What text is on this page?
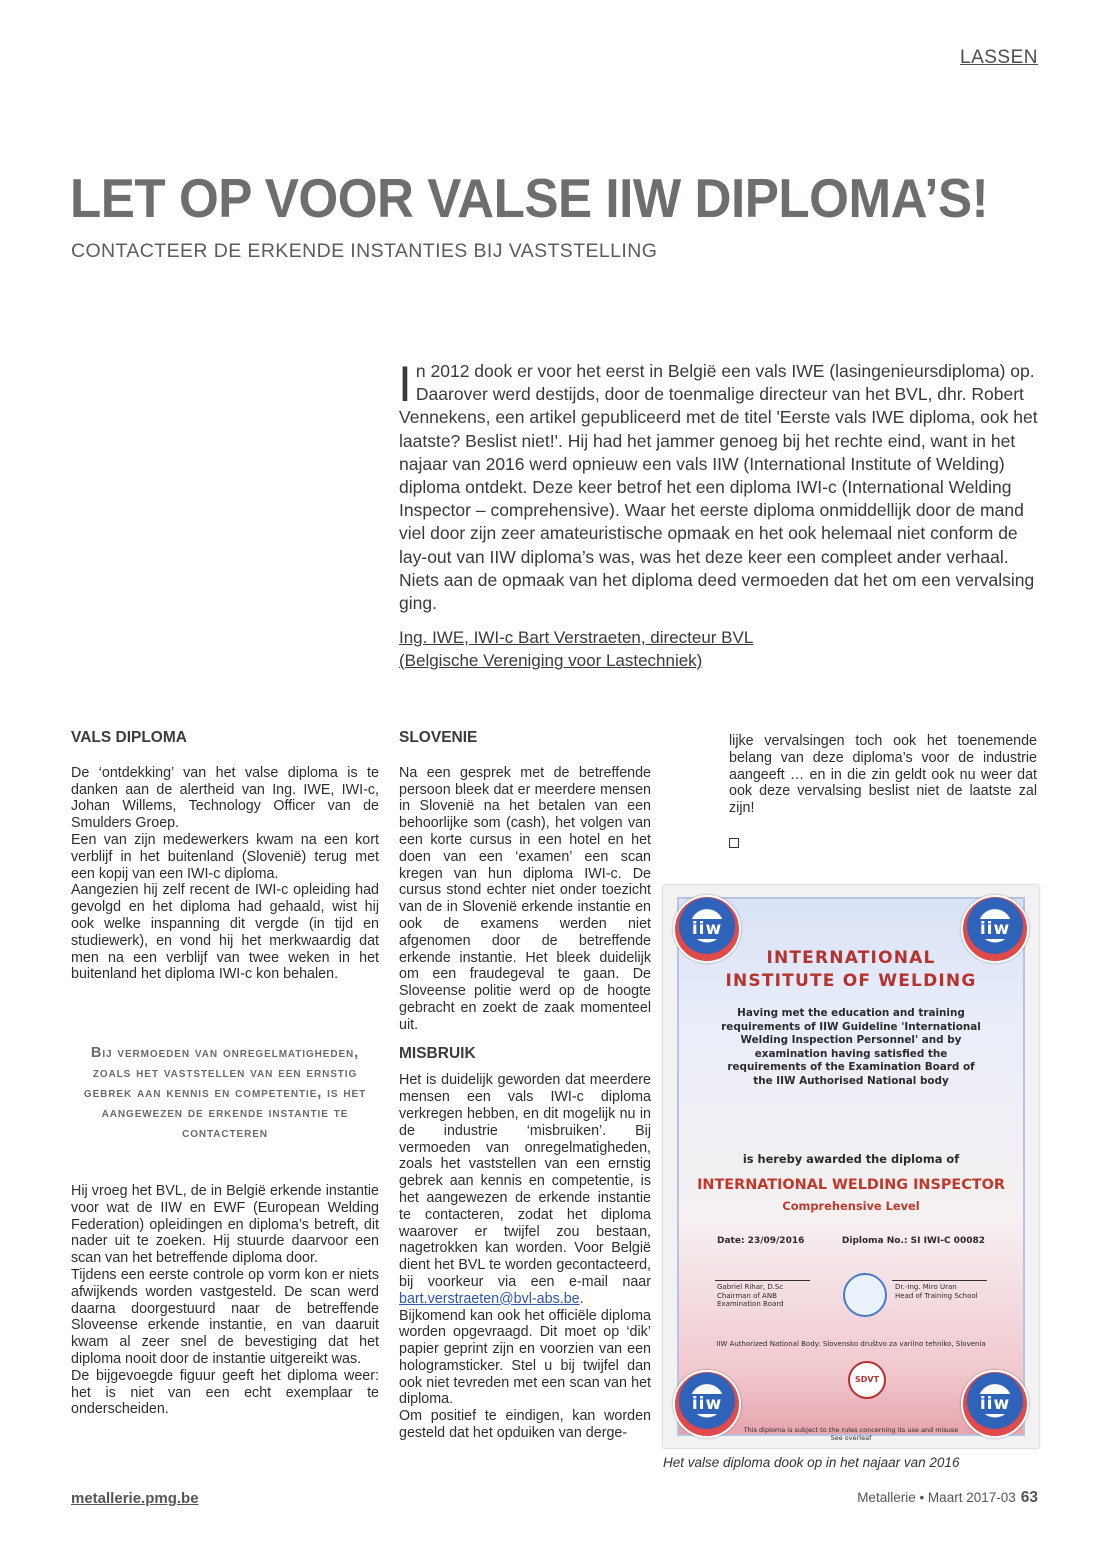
LASSEN
LET OP VOOR VALSE IIW DIPLOMA’S!
CONTACTEER DE ERKENDE INSTANTIES BIJ VASTSTELLING
In 2012 dook er voor het eerst in België een vals IWE (lasingenieursdiploma) op. Daarover werd destijds, door de toenmalige directeur van het BVL, dhr. Robert Vennekens, een artikel gepubliceerd met de titel 'Eerste vals IWE diploma, ook het laatste? Beslist niet!'. Hij had het jammer genoeg bij het rechte eind, want in het najaar van 2016 werd opnieuw een vals IIW (International Institute of Welding) diploma ontdekt. Deze keer betrof het een diploma IWI-c (International Welding Inspector – comprehensive). Waar het eerste diploma onmiddellijk door de mand viel door zijn zeer amateuristische opmaak en het ook helemaal niet conform de lay-out van IIW diploma’s was, was het deze keer een compleet ander verhaal. Niets aan de opmaak van het diploma deed vermoeden dat het om een vervalsing ging.
Ing. IWE, IWI-c Bart Verstraeten, directeur BVL
(Belgische Vereniging voor Lastechniek)
VALS DIPLOMA

De ‘ontdekking’ van het valse diploma is te danken aan de alertheid van Ing. IWE, IWI-c, Johan Willems, Technology Officer van de Smulders Groep.

Een van zijn medewerkers kwam na een kort verblijf in het buitenland (Slovenië) terug met een kopij van een IWI-c diploma.

Aangezien hij zelf recent de IWI-c opleiding had gevolgd en het diploma had gehaald, wist hij ook welke inspanning dit vergde (in tijd en studiewerk), en vond hij het merkwaardig dat men na een verblijf van twee weken in het buitenland het diploma IWI-c kon behalen.

Bij vermoeden van onregelmatigheden, zoals het vaststellen van een ernstig gebrek aan kennis en competentie, is het aangewezen de erkende instantie te contacteren

Hij vroeg het BVL, de in België erkende instantie voor wat de IIW en EWF (European Welding Federation) opleidingen en diploma’s betreft, dit nader uit te zoeken. Hij stuurde daarvoor een scan van het betreffende diploma door.

Tijdens een eerste controle op vorm kon er niets afwijkends worden vastgesteld. De scan werd daarna doorgestuurd naar de betreffende Sloveense erkende instantie, en van daaruit kwam al zeer snel de bevestiging dat het diploma nooit door de instantie uitgereikt was.

De bijgevoegde figuur geeft het diploma weer: het is niet van een echt exemplaar te onderscheiden.

SLOVENIE

Na een gesprek met de betreffende persoon bleek dat er meerdere mensen in Slovenië na het betalen van een behoorlijke som (cash), het volgen van een korte cursus in een hotel en het doen van een ‘examen’ een scan kregen van hun diploma IWI-c. De cursus stond echter niet onder toezicht van de in Slovenië erkende instantie en ook de examens werden niet afgenomen door de betreffende erkende instantie. Het bleek duidelijk om een fraudegeval te gaan. De Sloveense politie werd op de hoogte gebracht en zoekt de zaak momenteel uit.

MISBRUIK

Het is duidelijk geworden dat meerdere mensen een vals IWI-c diploma verkregen hebben, en dit mogelijk nu in de industrie ‘misbruiken’. Bij vermoeden van onregelmatigheden, zoals het vaststellen van een ernstig gebrek aan kennis en competentie, is het aangewezen de erkende instantie te contacteren, zodat het diploma waarover er twijfel zou bestaan, nagetrokken kan worden. Voor België dient het BVL te worden gecontacteerd, bij voorkeur via een e-mail naar bart.verstraeten@bvl-abs.be.

Bijkomend kan ook het officiële diploma worden opgevraagd. Dit moet op ‘dik’ papier geprint zijn en voorzien van een hologramsticker. Stel u bij twijfel dan ook niet tevreden met een scan van het diploma.

Om positief te eindigen, kan worden gesteld dat het opduiken van derge-

lijke vervalsingen toch ook het toenemende belang van deze diploma’s voor de industrie aangeeft … en in die zin geldt ook nu weer dat ook deze vervalsing beslist niet de laatste zal zijn!

iiw	iiw
iiw	iiw
INTERNATIONAL
INSTITUTE OF WELDING
Having met the education and training requirements of IIW Guideline 'International Welding Inspection Personnel' and by examination having satisfied the requirements of the Examination Board of the IIW Authorised National body
is hereby awarded the diploma of
INTERNATIONAL WELDING INSPECTOR
Comprehensive Level
Date: 23/09/2016	Diploma No.: SI IWI-C 00082
Gabriel Rihar, D.Sc
Chairman of ANB
Examination Board
Dr.-Ing. Miro Uran
Head of Training School
IIW Authorized National Body: Slovensko društvo za varilno tehniko, Slovenia
SDVT
This diploma is subject to the rules concerning its use and misuse
See overleaf
Het valse diploma dook op in het najaar van 2016
metallerie.pmg.be	Metallerie • Maart 2017-03 63
